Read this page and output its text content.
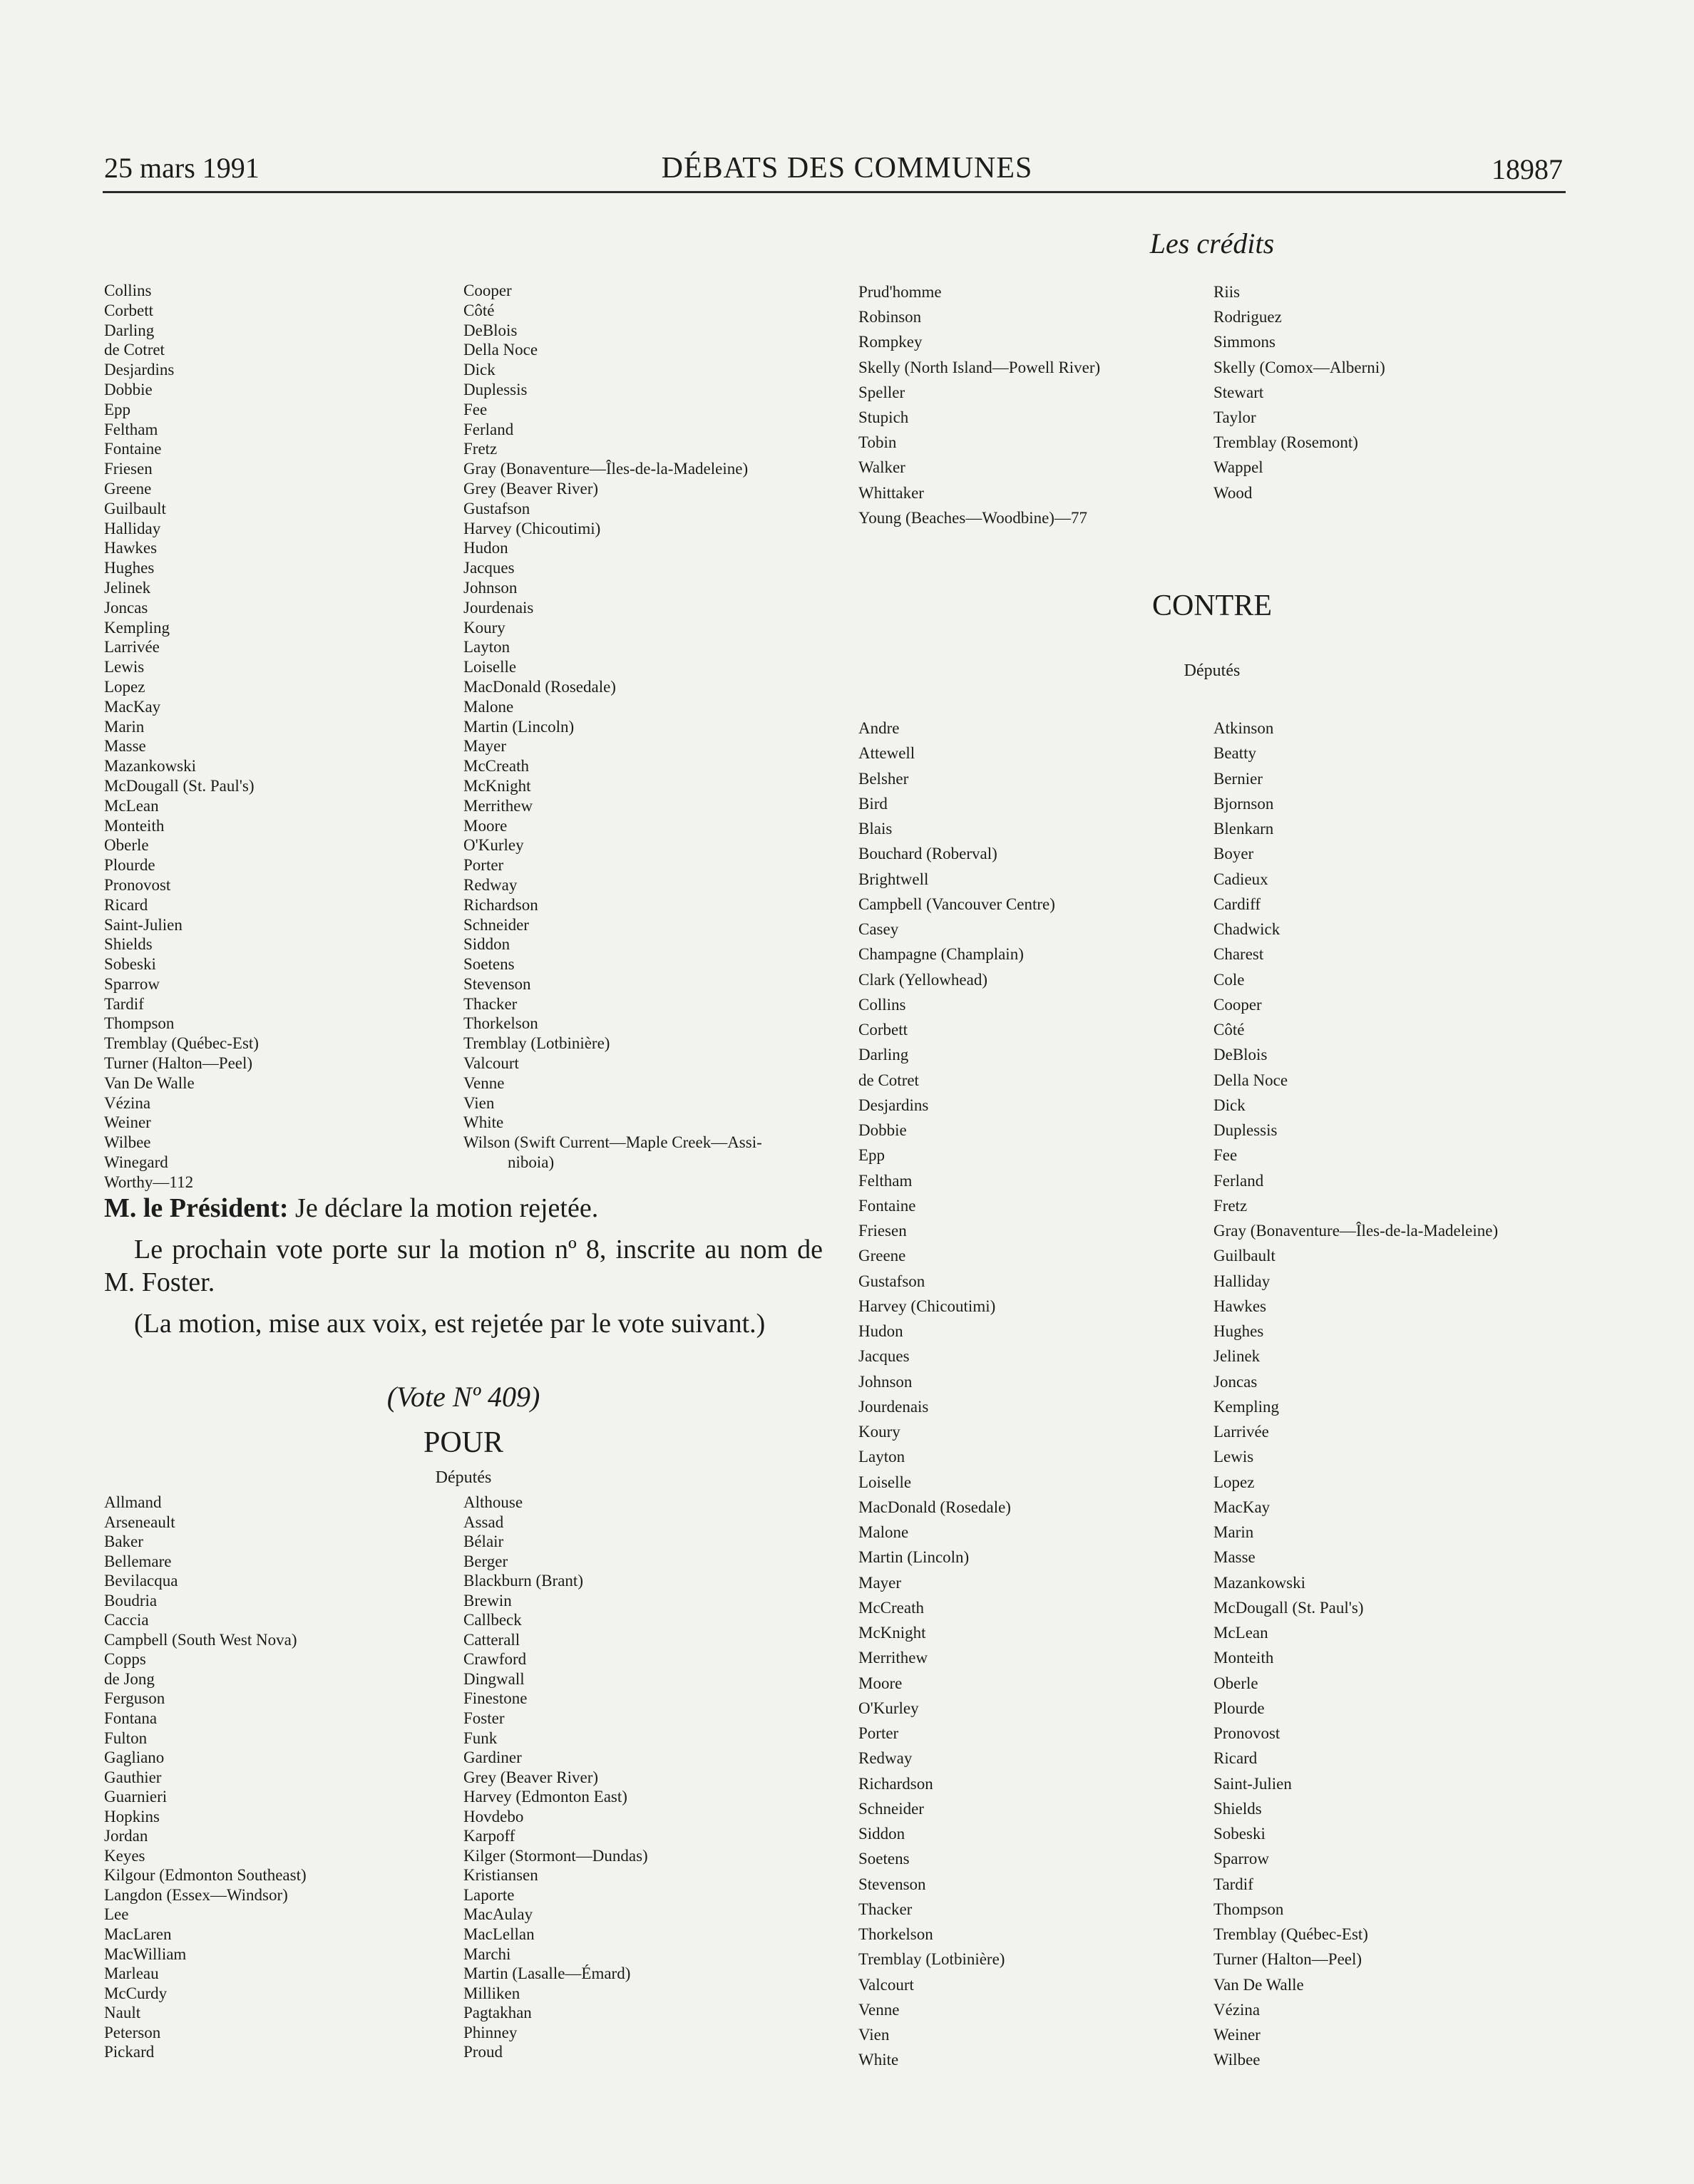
25 mars 1991	DÉBATS DES COMMUNES	18987
Les crédits
Collins
Corbett
Darling
de Cotret
Desjardins
Dobbie
Epp
Feltham
Fontaine
Friesen
Greene
Guilbault
Halliday
Hawkes
Hughes
Jelinek
Joncas
Kempling
Larrivée
Lewis
Lopez
MacKay
Marin
Masse
Mazankowski
McDougall (St. Paul's)
McLean
Monteith
Oberle
Plourde
Pronovost
Ricard
Saint-Julien
Shields
Sobeski
Sparrow
Tardif
Thompson
Tremblay (Québec-Est)
Turner (Halton—Peel)
Van De Walle
Vézina
Weiner
Wilbee
Winegard
Worthy—112
Cooper
Côté
DeBlois
Della Noce
Dick
Duplessis
Fee
Ferland
Fretz
Gray (Bonaventure—Îles-de-la-Madeleine)
Grey (Beaver River)
Gustafson
Harvey (Chicoutimi)
Hudon
Jacques
Johnson
Jourdenais
Koury
Layton
Loiselle
MacDonald (Rosedale)
Malone
Martin (Lincoln)
Mayer
McCreath
McKnight
Merrithew
Moore
O'Kurley
Porter
Redway
Richardson
Schneider
Siddon
Soetens
Stevenson
Thacker
Thorkelson
Tremblay (Lotbinière)
Valcourt
Venne
Vien
White
Wilson (Swift Current—Maple Creek—Assi-
niboia)
M. le Président: Je déclare la motion rejetée.
Le prochain vote porte sur la motion nº 8, inscrite au nom de M. Foster.
(La motion, mise aux voix, est rejetée par le vote suivant.)
(Vote Nº 409)
POUR
Députés
Allmand
Arseneault
Baker
Bellemare
Bevilacqua
Boudria
Caccia
Campbell (South West Nova)
Copps
de Jong
Ferguson
Fontana
Fulton
Gagliano
Gauthier
Guarnieri
Hopkins
Jordan
Keyes
Kilgour (Edmonton Southeast)
Langdon (Essex—Windsor)
Lee
MacLaren
MacWilliam
Marleau
McCurdy
Nault
Peterson
Pickard
Althouse
Assad
Bélair
Berger
Blackburn (Brant)
Brewin
Callbeck
Catterall
Crawford
Dingwall
Finestone
Foster
Funk
Gardiner
Grey (Beaver River)
Harvey (Edmonton East)
Hovdebo
Karpoff
Kilger (Stormont—Dundas)
Kristiansen
Laporte
MacAulay
MacLellan
Marchi
Martin (Lasalle—Émard)
Milliken
Pagtakhan
Phinney
Proud
Prud'homme
Robinson
Rompkey
Skelly (North Island—Powell River)
Speller
Stupich
Tobin
Walker
Whittaker
Young (Beaches—Woodbine)—77
Riis
Rodriguez
Simmons
Skelly (Comox—Alberni)
Stewart
Taylor
Tremblay (Rosemont)
Wappel
Wood
CONTRE
Députés
Andre
Attewell
Belsher
Bird
Blais
Bouchard (Roberval)
Brightwell
Campbell (Vancouver Centre)
Casey
Champagne (Champlain)
Clark (Yellowhead)
Collins
Corbett
Darling
de Cotret
Desjardins
Dobbie
Epp
Feltham
Fontaine
Friesen
Greene
Gustafson
Harvey (Chicoutimi)
Hudon
Jacques
Johnson
Jourdenais
Koury
Layton
Loiselle
MacDonald (Rosedale)
Malone
Martin (Lincoln)
Mayer
McCreath
McKnight
Merrithew
Moore
O'Kurley
Porter
Redway
Richardson
Schneider
Siddon
Soetens
Stevenson
Thacker
Thorkelson
Tremblay (Lotbinière)
Valcourt
Venne
Vien
White
Atkinson
Beatty
Bernier
Bjornson
Blenkarn
Boyer
Cadieux
Cardiff
Chadwick
Charest
Cole
Cooper
Côté
DeBlois
Della Noce
Dick
Duplessis
Fee
Ferland
Fretz
Gray (Bonaventure—Îles-de-la-Madeleine)
Guilbault
Halliday
Hawkes
Hughes
Jelinek
Joncas
Kempling
Larrivée
Lewis
Lopez
MacKay
Marin
Masse
Mazankowski
McDougall (St. Paul's)
McLean
Monteith
Oberle
Plourde
Pronovost
Ricard
Saint-Julien
Shields
Sobeski
Sparrow
Tardif
Thompson
Tremblay (Québec-Est)
Turner (Halton—Peel)
Van De Walle
Vézina
Weiner
Wilbee
